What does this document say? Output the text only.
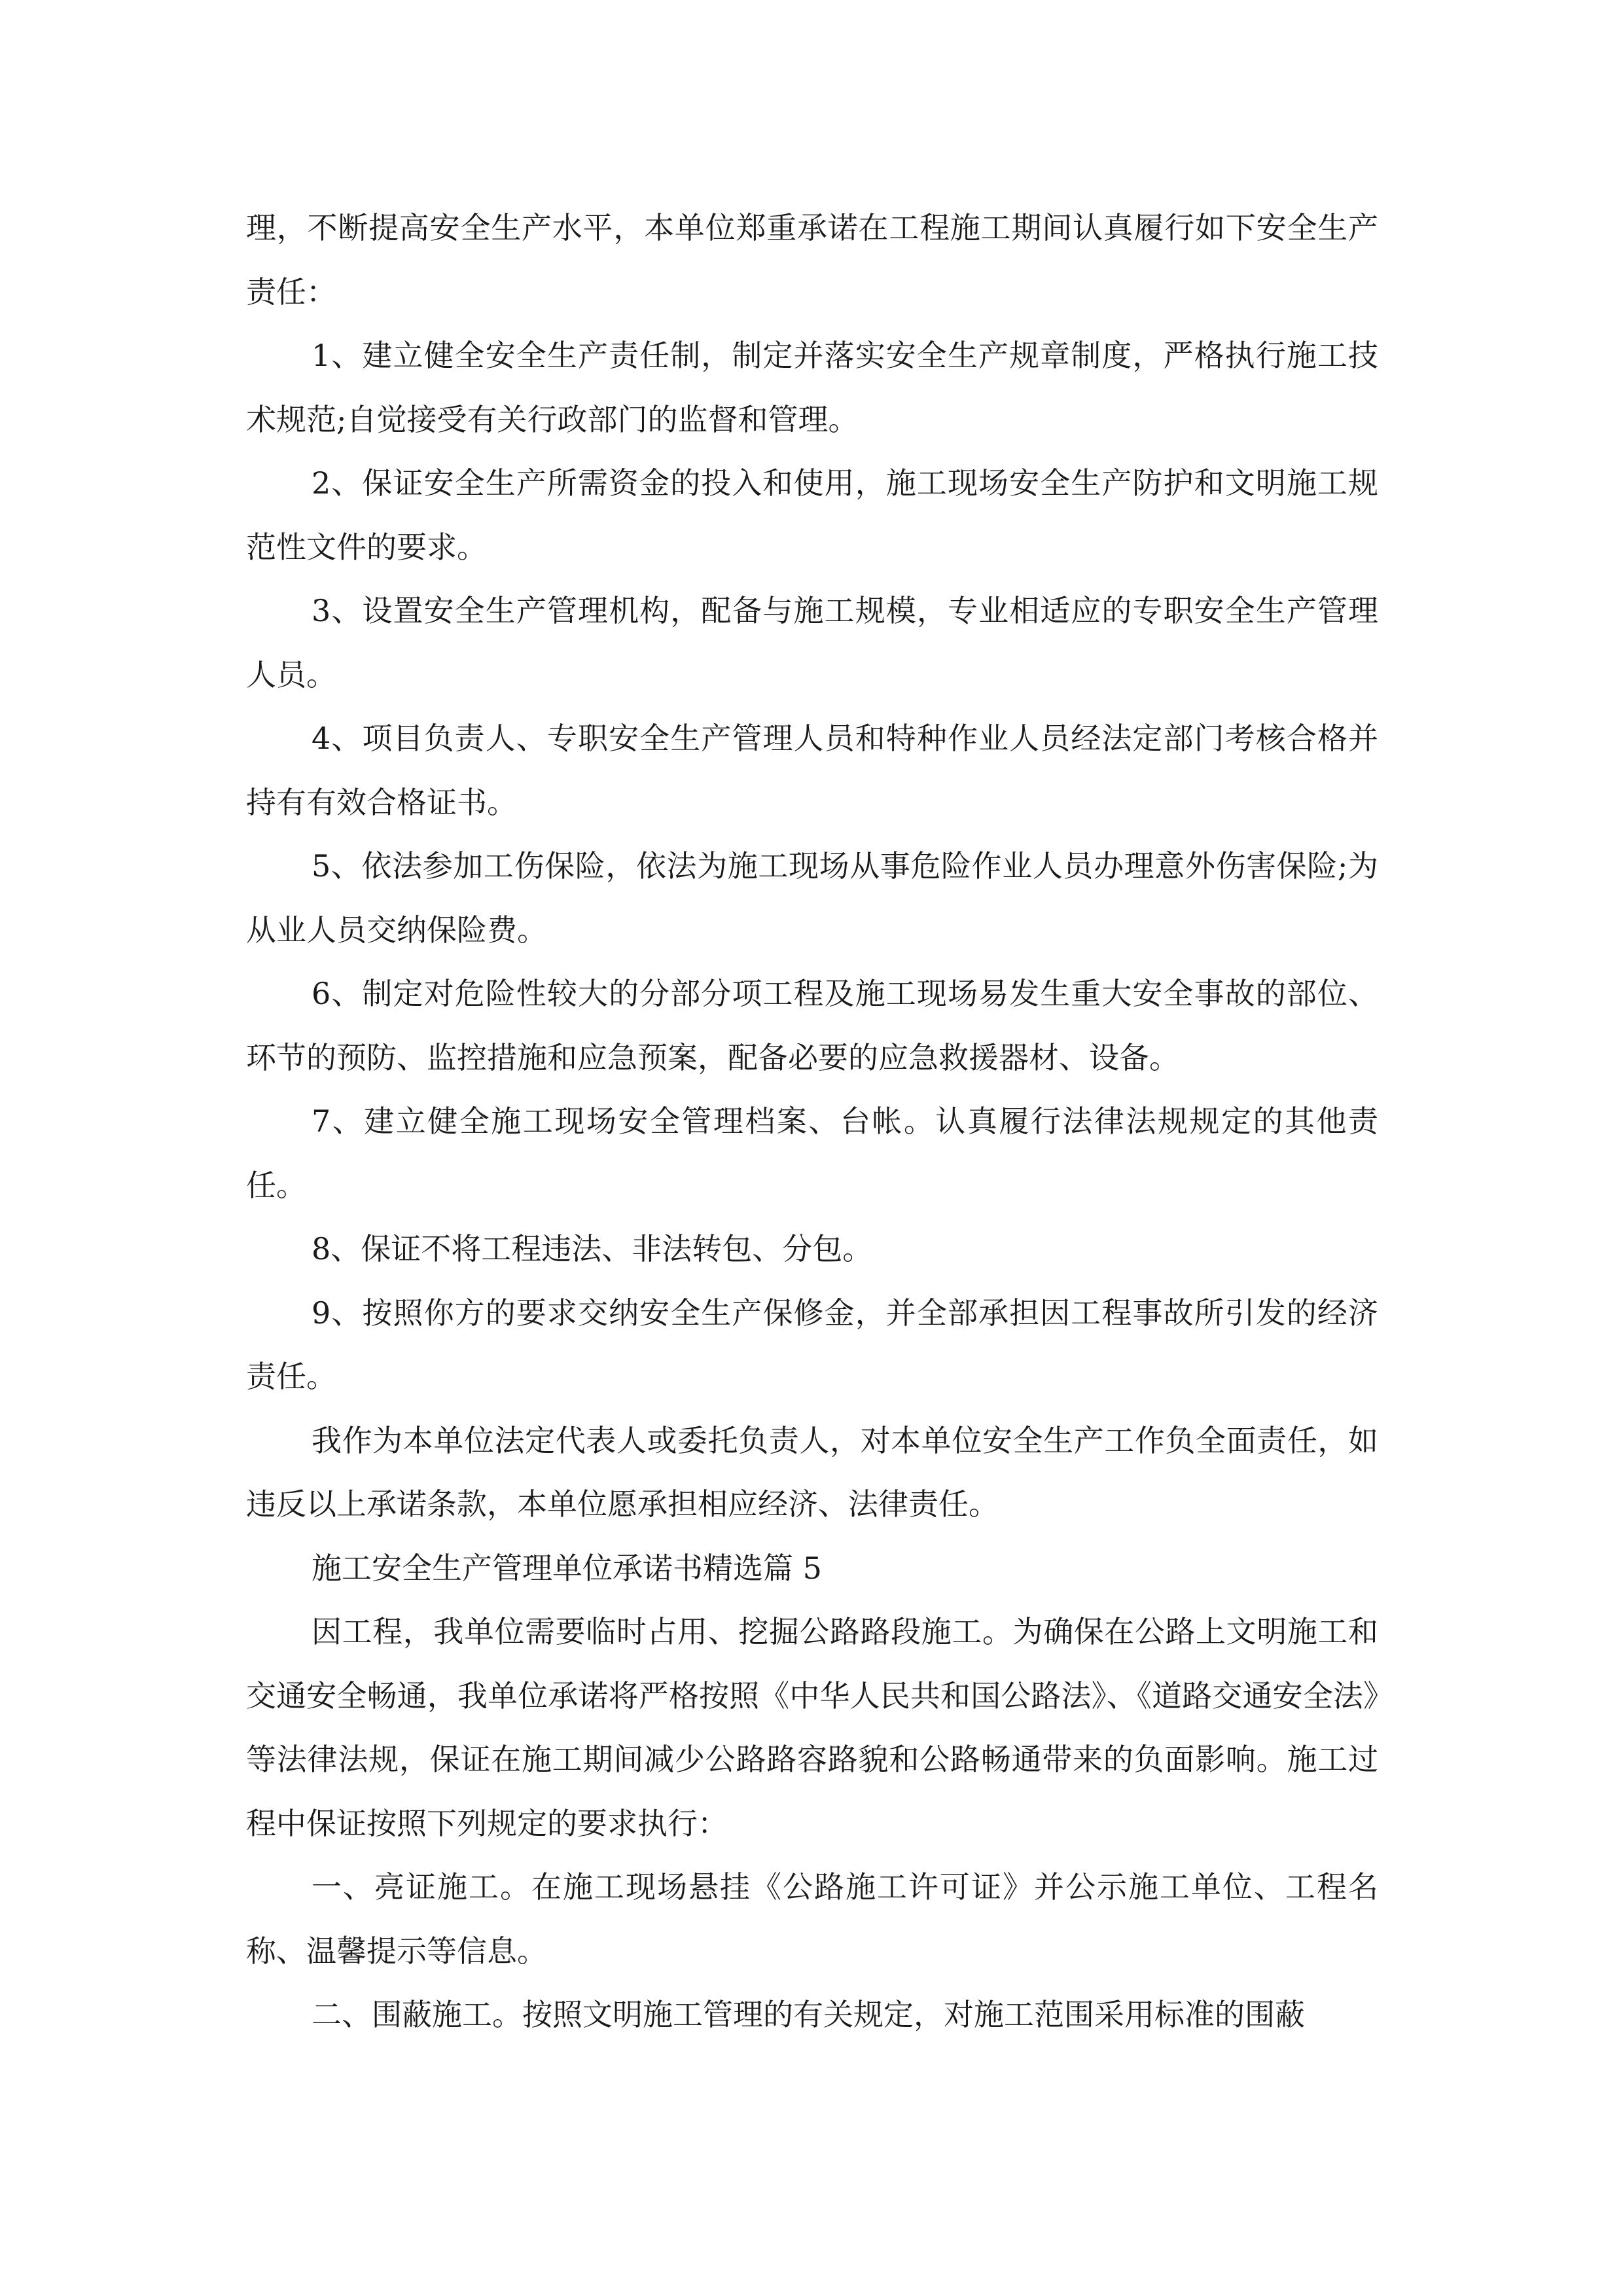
理，不断提高安全生产水平，本单位郑重承诺在工程施工期间认真履行如下安全生产责任：

1、建立健全安全生产责任制，制定并落实安全生产规章制度，严格执行施工技术规范;自觉接受有关行政部门的监督和管理。

2、保证安全生产所需资金的投入和使用，施工现场安全生产防护和文明施工规范性文件的要求。

3、设置安全生产管理机构，配备与施工规模，专业相适应的专职安全生产管理人员。

4、项目负责人、专职安全生产管理人员和特种作业人员经法定部门考核合格并持有有效合格证书。

5、依法参加工伤保险，依法为施工现场从事危险作业人员办理意外伤害保险;为从业人员交纳保险费。

6、制定对危险性较大的分部分项工程及施工现场易发生重大安全事故的部位、环节的预防、监控措施和应急预案，配备必要的应急救援器材、设备。

7、建立健全施工现场安全管理档案、台帐。认真履行法律法规规定的其他责任。

8、保证不将工程违法、非法转包、分包。

9、按照你方的要求交纳安全生产保修金，并全部承担因工程事故所引发的经济责任。

我作为本单位法定代表人或委托负责人，对本单位安全生产工作负全面责任，如违反以上承诺条款，本单位愿承担相应经济、法律责任。

施工安全生产管理单位承诺书精选篇 5

因工程，我单位需要临时占用、挖掘公路路段施工。为确保在公路上文明施工和交通安全畅通，我单位承诺将严格按照《中华人民共和国公路法》、《道路交通安全法》等法律法规，保证在施工期间减少公路路容路貌和公路畅通带来的负面影响。施工过程中保证按照下列规定的要求执行：

一、亮证施工。在施工现场悬挂《公路施工许可证》并公示施工单位、工程名称、温馨提示等信息。

二、围蔽施工。按照文明施工管理的有关规定，对施工范围采用标准的围蔽
